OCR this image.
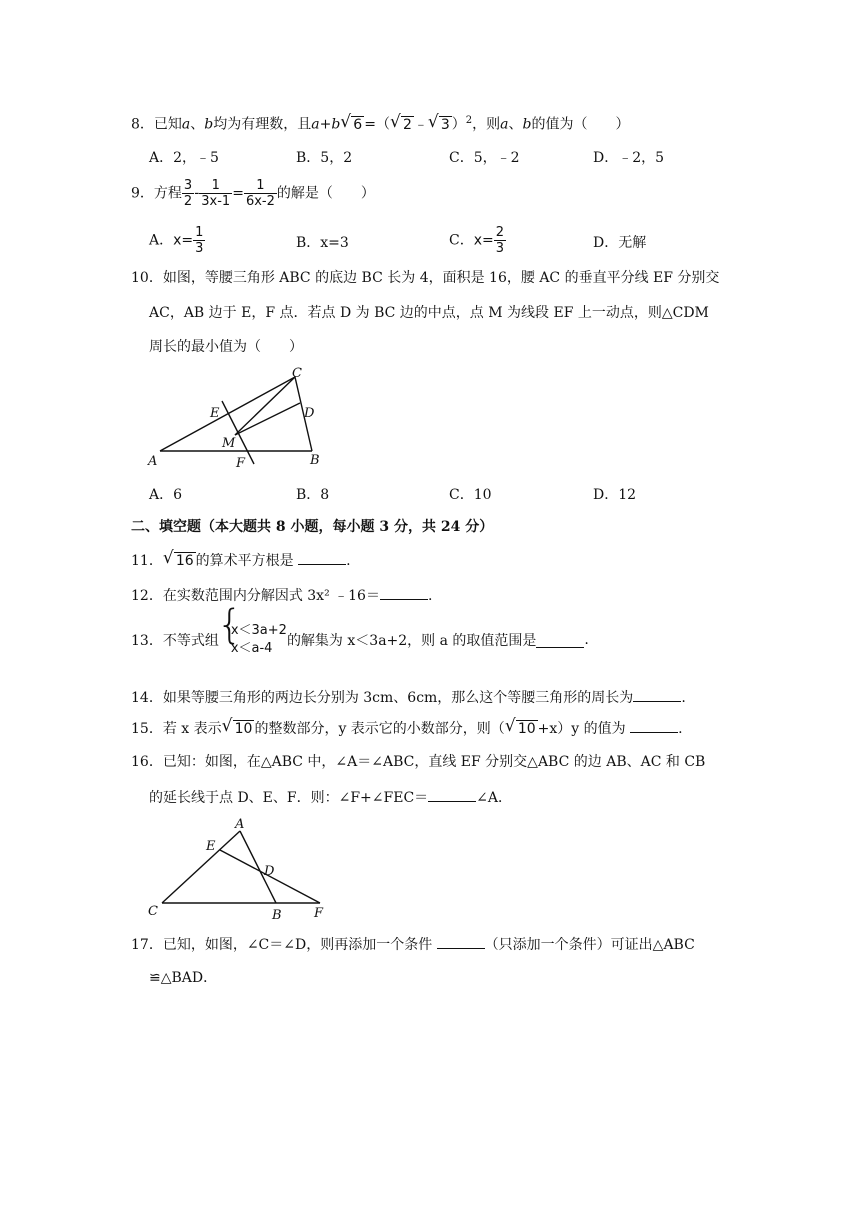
8．已知a、b均为有理数，且a+b √ 6 =（ √ 2 ﹣ √ 3 ）$^2$，则a、b的值为（　　）
A．2，﹣5	B．5，2	C．5，﹣2	D．﹣2，5
9．方程 $\frac{3}{2} - \frac{1}{3x-1} = \frac{1}{6x-2}$ 的解是（　　）
A．$x= \frac{1}{3}$	B．x=3	C．$x= \frac{2}{3}$	D．无解
10．如图，等腰三角形 ABC 的底边 BC 长为 4，面积是 16，腰 AC 的垂直平分线 EF 分别交
AC，AB 边于 E，F 点．若点 D 为 BC 边的中点，点 M 为线段 EF 上一动点，则△CDM
周长的最小值为（　　）
C
E	D
M
A	F	B
A．6	B．8	C．10	D．12
二、填空题（本大题共 8 小题，每小题 3 分，共 24 分）
11． √ 16 的算术平方根是	.
12．在实数范围内分解因式 3x² ﹣16＝	.
13．不等式组
{ x＜3a+2
x＜a-4	的解集为 x＜3a+2，则 a 的取值范围是	.
14．如果等腰三角形的两边长分别为 3cm、6cm，那么这个等腰三角形的周长为	.
15．若 x 表示 √ 10 的整数部分，y 表示它的小数部分，则（ √ 10 +x）y 的值为	.
16．已知：如图，在△ABC 中，∠A＝∠ABC，直线 EF 分别交△ABC 的边 AB、AC 和 CB
的延长线于点 D、E、F．则：∠F+∠FEC＝	∠A．
A
E
D
C	B F
17．已知，如图，∠C＝∠D，则再添加一个条件	（只添加一个条件）可证出△ABC
≌△BAD．
